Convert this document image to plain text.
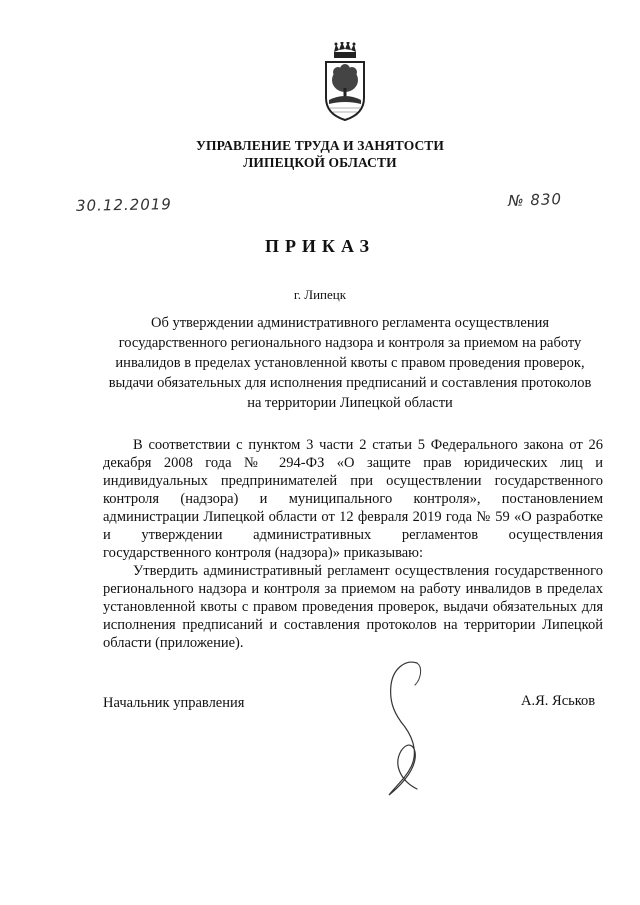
УПРАВЛЕНИЕ ТРУДА И ЗАНЯТОСТИ
ЛИПЕЦКОЙ ОБЛАСТИ
30.12.2019	№ 830
ПРИКАЗ
г. Липецк
Об утверждении административного регламента осуществления государственного регионального надзора и контроля за приемом на работу инвалидов в пределах установленной квоты с правом проведения проверок, выдачи обязательных для исполнения предписаний и составления протоколов на территории Липецкой области

В соответствии с пунктом 3 части 2 статьи 5 Федерального закона от 26 декабря 2008 года № 294-ФЗ «О защите прав юридических лиц и индивидуальных предпринимателей при осуществлении государственного контроля (надзора) и муниципального контроля», постановлением администрации Липецкой области от 12 февраля 2019 года № 59 «О разработке и утверждении административных регламентов осуществления государственного контроля (надзора)» приказываю:

Утвердить административный регламент осуществления государственного регионального надзора и контроля за приемом на работу инвалидов в пределах установленной квоты с правом проведения проверок, выдачи обязательных для исполнения предписаний и составления протоколов на территории Липецкой области (приложение).

Начальник управления	А.Я. Яськов
